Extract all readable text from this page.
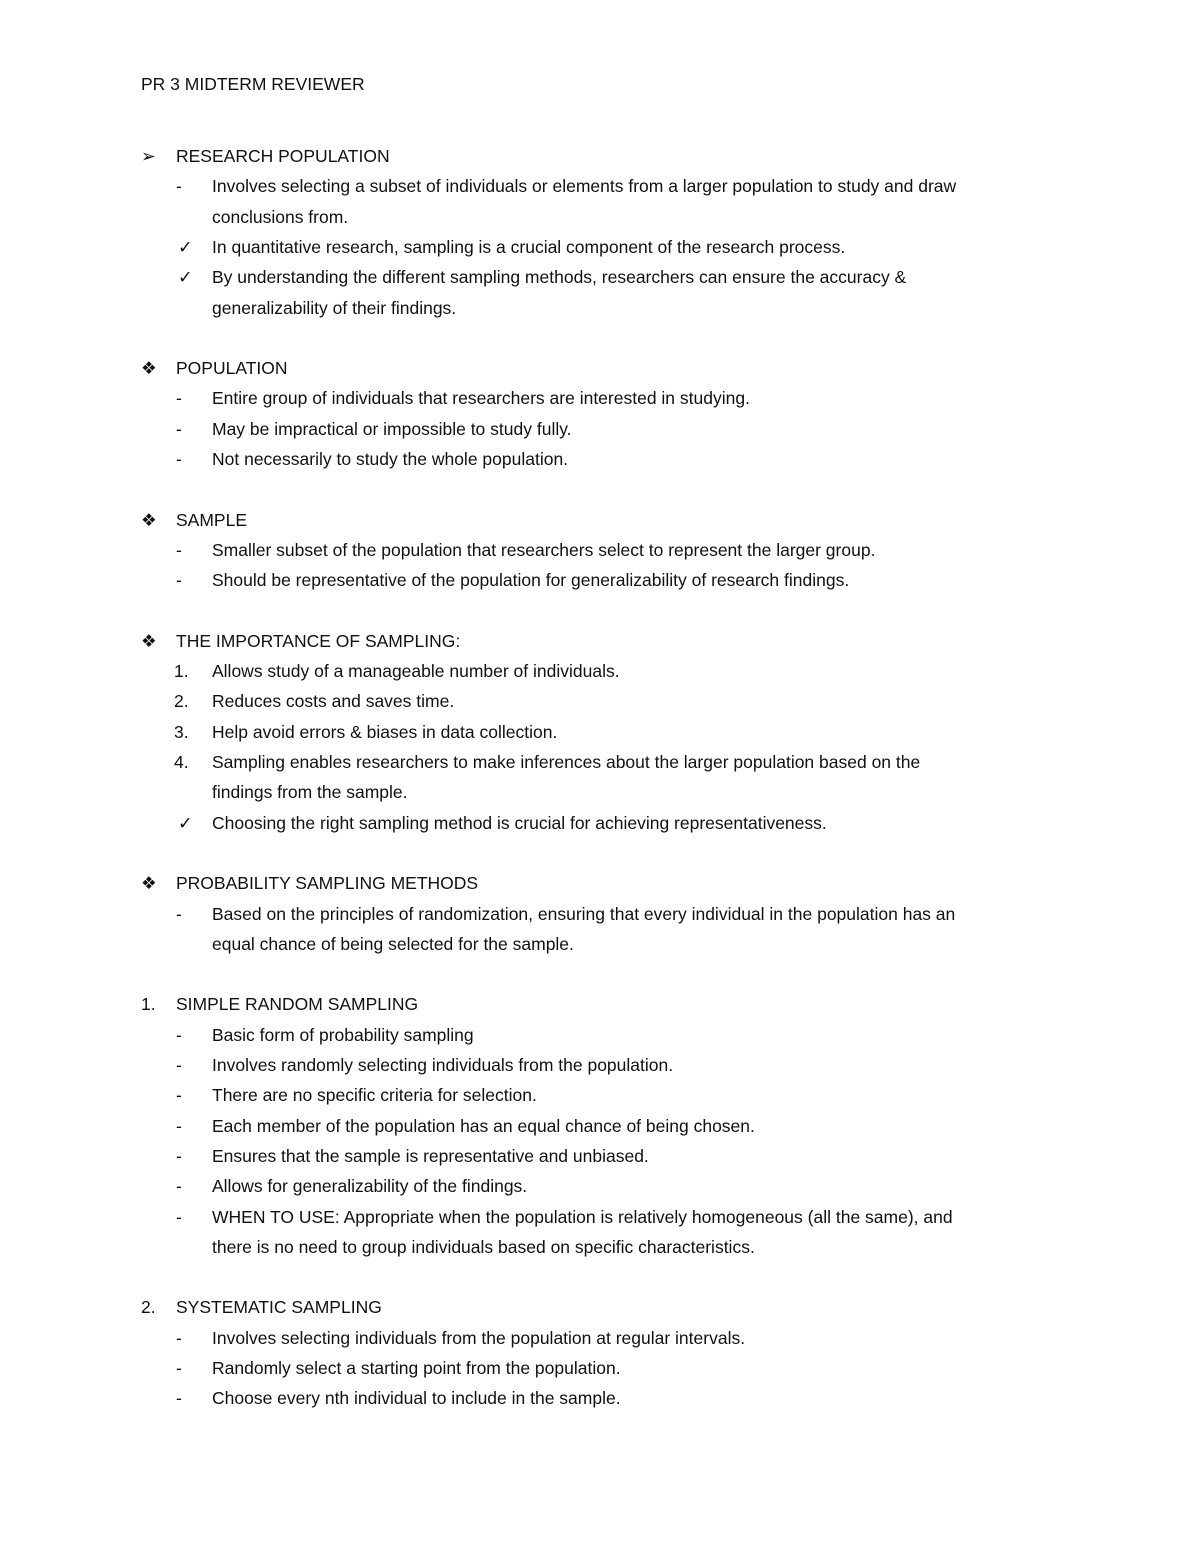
PR 3 MIDTERM REVIEWER
➢ RESEARCH POPULATION
- Involves selecting a subset of individuals or elements from a larger population to study and draw
conclusions from.
✓ In quantitative research, sampling is a crucial component of the research process.
✓ By understanding the different sampling methods, researchers can ensure the accuracy &
generalizability of their findings.
❖ POPULATION
- Entire group of individuals that researchers are interested in studying.
- May be impractical or impossible to study fully.
- Not necessarily to study the whole population.
❖ SAMPLE
- Smaller subset of the population that researchers select to represent the larger group.
- Should be representative of the population for generalizability of research findings.
❖ THE IMPORTANCE OF SAMPLING:
1. Allows study of a manageable number of individuals.
2. Reduces costs and saves time.
3. Help avoid errors & biases in data collection.
4. Sampling enables researchers to make inferences about the larger population based on the
findings from the sample.
✓ Choosing the right sampling method is crucial for achieving representativeness.
❖ PROBABILITY SAMPLING METHODS
- Based on the principles of randomization, ensuring that every individual in the population has an
equal chance of being selected for the sample.
1. SIMPLE RANDOM SAMPLING
- Basic form of probability sampling
- Involves randomly selecting individuals from the population.
- There are no specific criteria for selection.
- Each member of the population has an equal chance of being chosen.
- Ensures that the sample is representative and unbiased.
- Allows for generalizability of the findings.
- WHEN TO USE: Appropriate when the population is relatively homogeneous (all the same), and
there is no need to group individuals based on specific characteristics.
2. SYSTEMATIC SAMPLING
- Involves selecting individuals from the population at regular intervals.
- Randomly select a starting point from the population.
- Choose every nth individual to include in the sample.
